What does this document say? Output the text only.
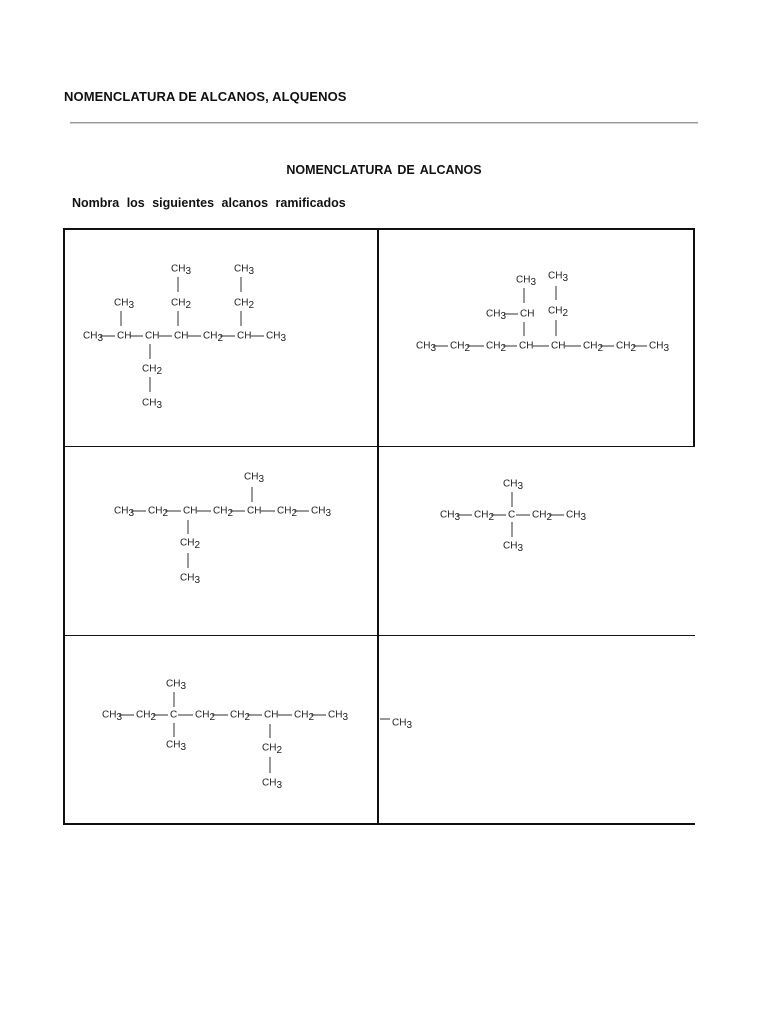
NOMENCLATURA DE ALCANOS, ALQUENOS
NOMENCLATURA DE ALCANOS
Nombra los siguientes alcanos ramificados
CH3 CH CH CH CH2 CH CH3
CH3	CH2
CH3
CH2
CH3
CH2
CH3
CH3 CH2 CH2 CH CH CH2 CH2 CH3
CH3 CH
CH3
CH3
CH2
CH3 CH2 CH CH2 CH CH2 CH3
CH3
CH2
CH3
CH3 CH2 C CH2 CH3
CH3
CH3
CH3 CH2 C CH2 CH2 CH CH2 CH3
CH3
CH3	CH2
CH3
CH3
